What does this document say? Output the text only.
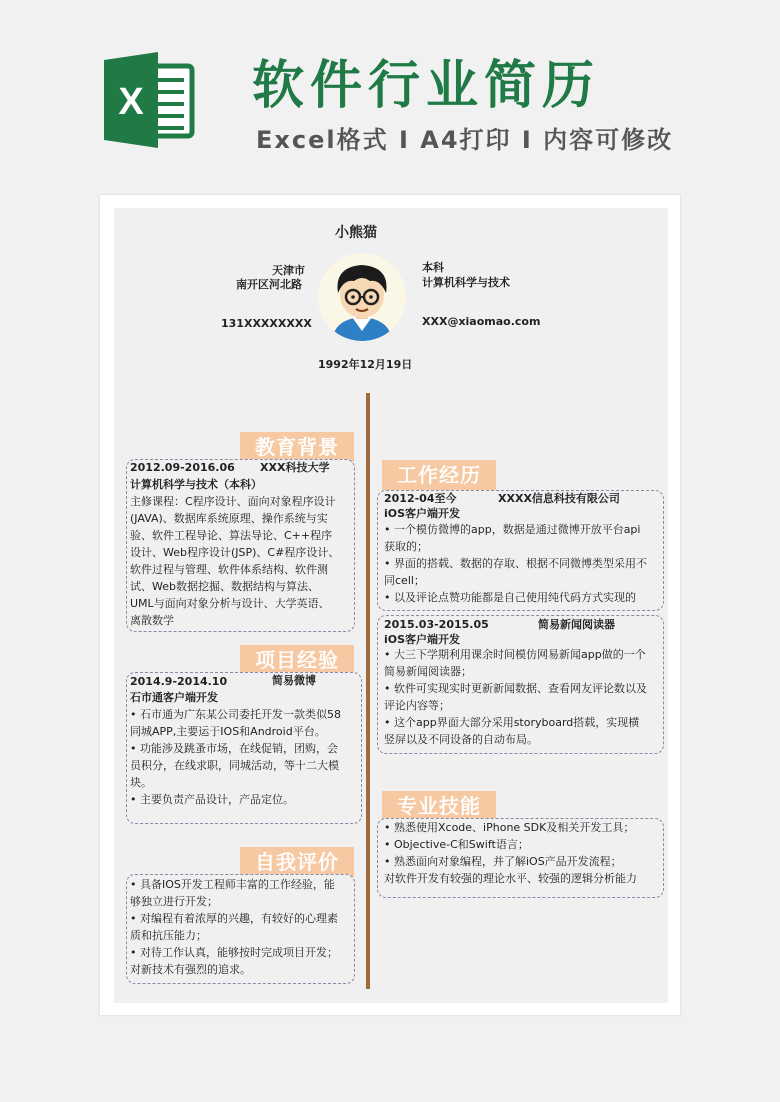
X 软件行业简历
Excel格式 I A4打印 I 内容可修改
小熊猫
天津市
南开区河北路
本科
计算机科学与技术
131XXXXXXXX	XXX@xiaomao.com
1992年12月19日
教育背景
2012.09-2016.06 XXX科技大学
计算机科学与技术（本科）
主修课程：C程序设计、面向对象程序设计
(JAVA)、数据库系统原理、操作系统与实
验、软件工程导论、算法导论、C++程序
设计、Web程序设计(JSP)、C#程序设计、
软件过程与管理、软件体系结构、软件测
试、Web数据挖掘、数据结构与算法、
UML与面向对象分析与设计、大学英语、
离散数学
项目经验
2014.9-2014.10	简易微博
石市通客户端开发
• 石市通为广东某公司委托开发一款类似58
同城APP,主要运于IOS和Android平台。
• 功能涉及跳蚤市场，在线促销，团购，会
员积分，在线求职，同城活动，等十二大模
块。
• 主要负责产品设计，产品定位。
自我评价
• 具备IOS开发工程师丰富的工作经验，能
够独立进行开发；
• 对编程有着浓厚的兴趣，有较好的心理素
质和抗压能力；
• 对待工作认真，能够按时完成项目开发；
对新技术有强烈的追求。
工作经历
2012-04至今	XXXX信息科技有限公司
iOS客户端开发
• 一个模仿微博的app，数据是通过微博开放平台api
获取的；
• 界面的搭载、数据的存取、根据不同微博类型采用不
同cell；
• 以及评论点赞功能都是自己使用纯代码方式实现的
2015.03-2015.05	简易新闻阅读器
iOS客户端开发
• 大三下学期利用课余时间模仿网易新闻app做的一个
简易新闻阅读器；
• 软件可实现实时更新新闻数据、查看网友评论数以及
评论内容等；
• 这个app界面大部分采用storyboard搭载，实现横
竖屏以及不同设备的自动布局。
专业技能
• 熟悉使用Xcode、iPhone SDK及相关开发工具；
• Objective-C和Swift语言；
• 熟悉面向对象编程，并了解iOS产品开发流程；
对软件开发有较强的理论水平、较强的逻辑分析能力
